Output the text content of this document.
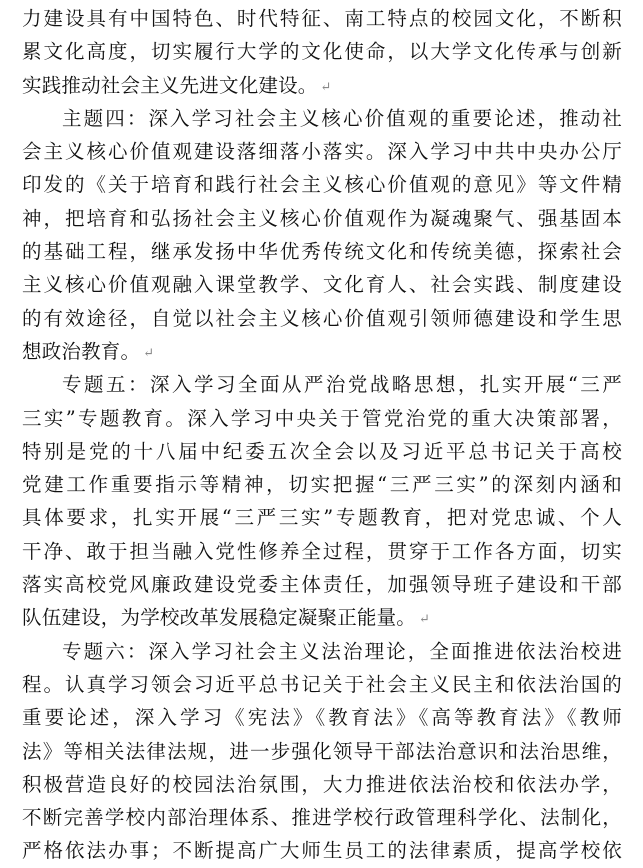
力建设具有中国特色、时代特征、南工特点的校园文化，不断积
累文化高度，切实履行大学的文化使命，以大学文化传承与创新
实践推动社会主义先进文化建设。 ↵
主题四：深入学习社会主义核心价值观的重要论述，推动社
会主义核心价值观建设落细落小落实。深入学习中共中央办公厅
印发的《关于培育和践行社会主义核心价值观的意见》等文件精
神，把培育和弘扬社会主义核心价值观作为凝魂聚气、强基固本
的基础工程，继承发扬中华优秀传统文化和传统美德，探索社会
主义核心价值观融入课堂教学、文化育人、社会实践、制度建设
的有效途径，自觉以社会主义核心价值观引领师德建设和学生思
想政治教育。 ↵
专题五：深入学习全面从严治党战略思想，扎实开展“三严
三实”专题教育。深入学习中央关于管党治党的重大决策部署，
特别是党的十八届中纪委五次全会以及习近平总书记关于高校
党建工作重要指示等精神，切实把握“三严三实”的深刻内涵和
具体要求，扎实开展“三严三实”专题教育，把对党忠诚、个人
干净、敢于担当融入党性修养全过程，贯穿于工作各方面，切实
落实高校党风廉政建设党委主体责任，加强领导班子建设和干部
队伍建设，为学校改革发展稳定凝聚正能量。 ↵
专题六：深入学习社会主义法治理论，全面推进依法治校进
程。认真学习领会习近平总书记关于社会主义民主和依法治国的
重要论述，深入学习《宪法》《教育法》《高等教育法》《教师
法》等相关法律法规，进一步强化领导干部法治意识和法治思维，
积极营造良好的校园法治氛围，大力推进依法治校和依法办学，
不断完善学校内部治理体系、推进学校行政管理科学化、法制化，
严格依法办事；不断提高广大师生员工的法律素质，提高学校依
